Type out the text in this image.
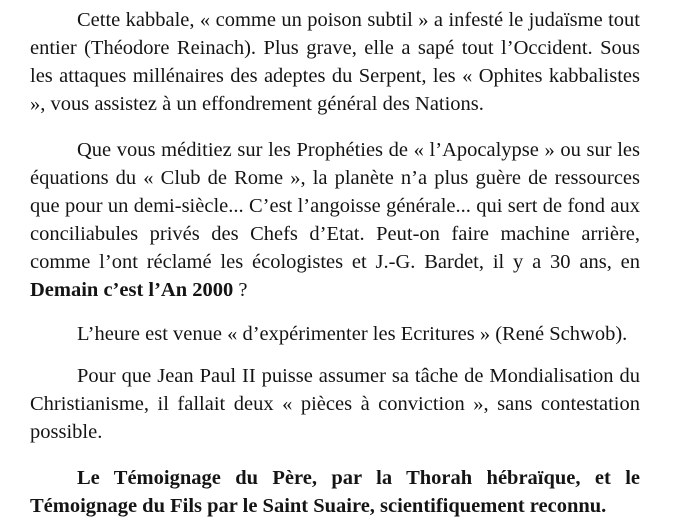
Cette kabbale, « comme un poison subtil » a infesté le judaïsme tout entier (Théodore Reinach). Plus grave, elle a sapé tout l’Occident. Sous les attaques millénaires des adeptes du Serpent, les « Ophites kabbalistes », vous assistez à un effondrement général des Nations.

Que vous méditiez sur les Prophéties de « l’Apocalypse » ou sur les équations du « Club de Rome », la planète n’a plus guère de ressources que pour un demi-siècle... C’est l’angoisse générale... qui sert de fond aux conciliabules privés des Chefs d’Etat. Peut-on faire machine arrière, comme l’ont réclamé les écologistes et J.-G. Bardet, il y a 30 ans, en Demain c’est l’An 2000 ?

L’heure est venue « d’expérimenter les Ecritures » (René Schwob).

Pour que Jean Paul II puisse assumer sa tâche de Mondialisation du Christianisme, il fallait deux « pièces à conviction », sans contestation possible.

Le Témoignage du Père, par la Thorah hébraïque, et le Témoignage du Fils par le Saint Suaire, scientifiquement reconnu.
